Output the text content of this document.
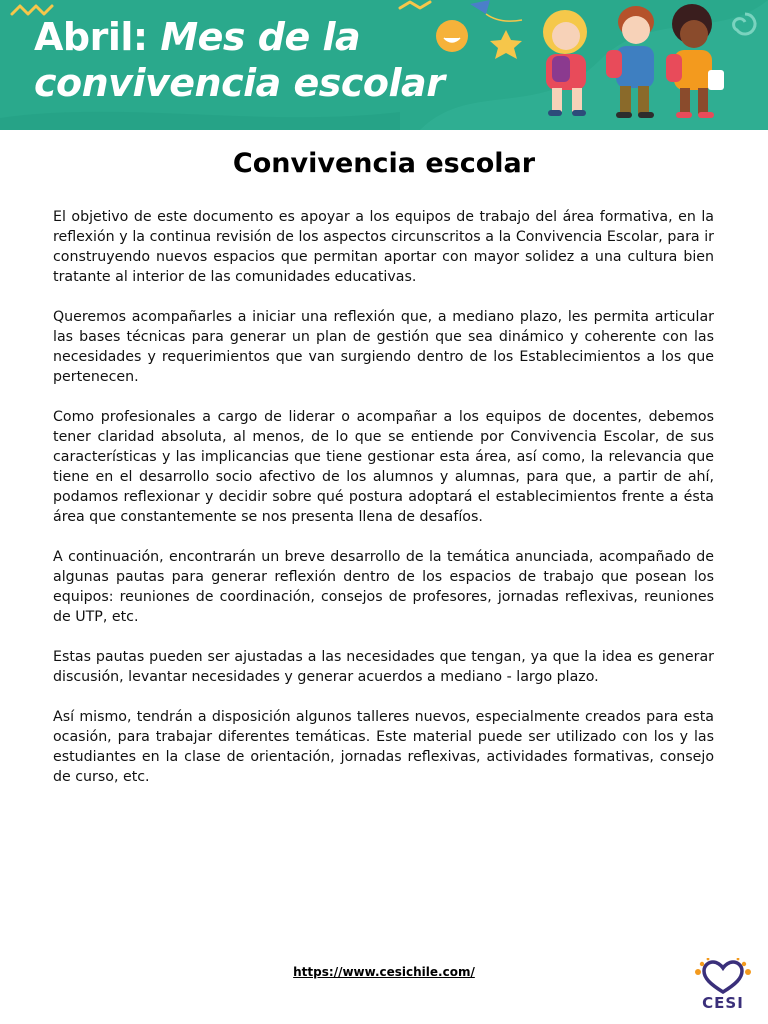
Abril: Mes de la
convivencia escolar
Convivencia escolar

El objetivo de este documento es apoyar a los equipos de trabajo del área formativa, en la reflexión y la continua revisión de los aspectos circunscritos a la Convivencia Escolar, para ir construyendo nuevos espacios que permitan aportar con mayor solidez a una cultura bien tratante al interior de las comunidades educativas.

Queremos acompañarles a iniciar una reflexión que, a mediano plazo, les permita articular las bases técnicas para generar un plan de gestión que sea dinámico y coherente con las necesidades y requerimientos que van surgiendo dentro de los Establecimientos a los que pertenecen.

Como profesionales a cargo de liderar o acompañar a los equipos de docentes, debemos tener claridad absoluta, al menos, de lo que se entiende por Convivencia Escolar, de sus características y las implicancias que tiene gestionar esta área, así como, la relevancia que tiene en el desarrollo socio afectivo de los alumnos y alumnas, para que, a partir de ahí, podamos reflexionar y decidir sobre qué postura adoptará el establecimientos frente a ésta área que constantemente se nos presenta llena de desafíos.

A continuación, encontrarán un breve desarrollo de la temática anunciada, acompañado de algunas pautas para generar reflexión dentro de los espacios de trabajo que posean los equipos: reuniones de coordinación, consejos de profesores, jornadas reflexivas, reuniones de UTP, etc.

Estas pautas pueden ser ajustadas a las necesidades que tengan, ya que la idea es generar discusión, levantar necesidades y generar acuerdos a mediano - largo plazo.

Así mismo, tendrán a disposición algunos talleres nuevos, especialmente creados para esta ocasión, para trabajar diferentes temáticas. Este material puede ser utilizado con los y las estudiantes en la clase de orientación, jornadas reflexivas, actividades formativas, consejo de curso, etc.

https://www.cesichile.com/
CESI
